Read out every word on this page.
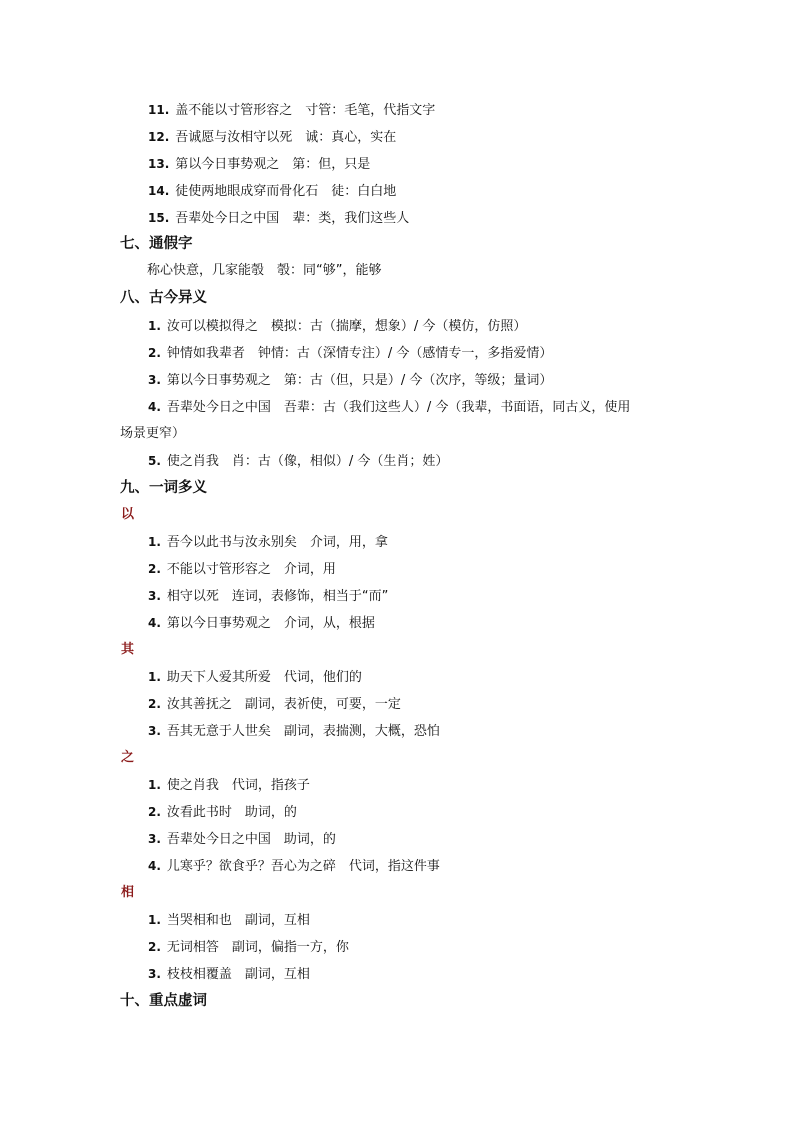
11. 盖不能以寸管形容之　寸管：毛笔，代指文字
12. 吾诚愿与汝相守以死　诚：真心，实在
13. 第以今日事势观之　第：但，只是
14. 徒使两地眼成穿而骨化石　徒：白白地
15. 吾辈处今日之中国　辈：类，我们这些人
七、通假字
称心快意，几家能彀　彀：同“够”，能够
八、古今异义
1. 汝可以模拟得之　模拟：古（揣摩，想象）/ 今（模仿，仿照）
2. 钟情如我辈者　钟情：古（深情专注）/ 今（感情专一，多指爱情）
3. 第以今日事势观之　第：古（但，只是）/ 今（次序，等级；量词）
4. 吾辈处今日之中国　吾辈：古（我们这些人）/ 今（我辈，书面语，同古义，使用
场景更窄）
5. 使之肖我　肖：古（像，相似）/ 今（生肖；姓）
九、一词多义
以
1. 吾今以此书与汝永别矣　介词，用，拿
2. 不能以寸管形容之　介词，用
3. 相守以死　连词，表修饰，相当于“而”
4. 第以今日事势观之　介词，从，根据
其
1. 助天下人爱其所爱　代词，他们的
2. 汝其善抚之　副词，表祈使，可要，一定
3. 吾其无意于人世矣　副词，表揣测，大概，恐怕
之
1. 使之肖我　代词，指孩子
2. 汝看此书时　助词，的
3. 吾辈处今日之中国　助词，的
4. 儿寒乎？欲食乎？吾心为之碎　代词，指这件事
相
1. 当哭相和也　副词，互相
2. 无词相答　副词，偏指一方，你
3. 枝枝相覆盖　副词，互相
十、重点虚词
